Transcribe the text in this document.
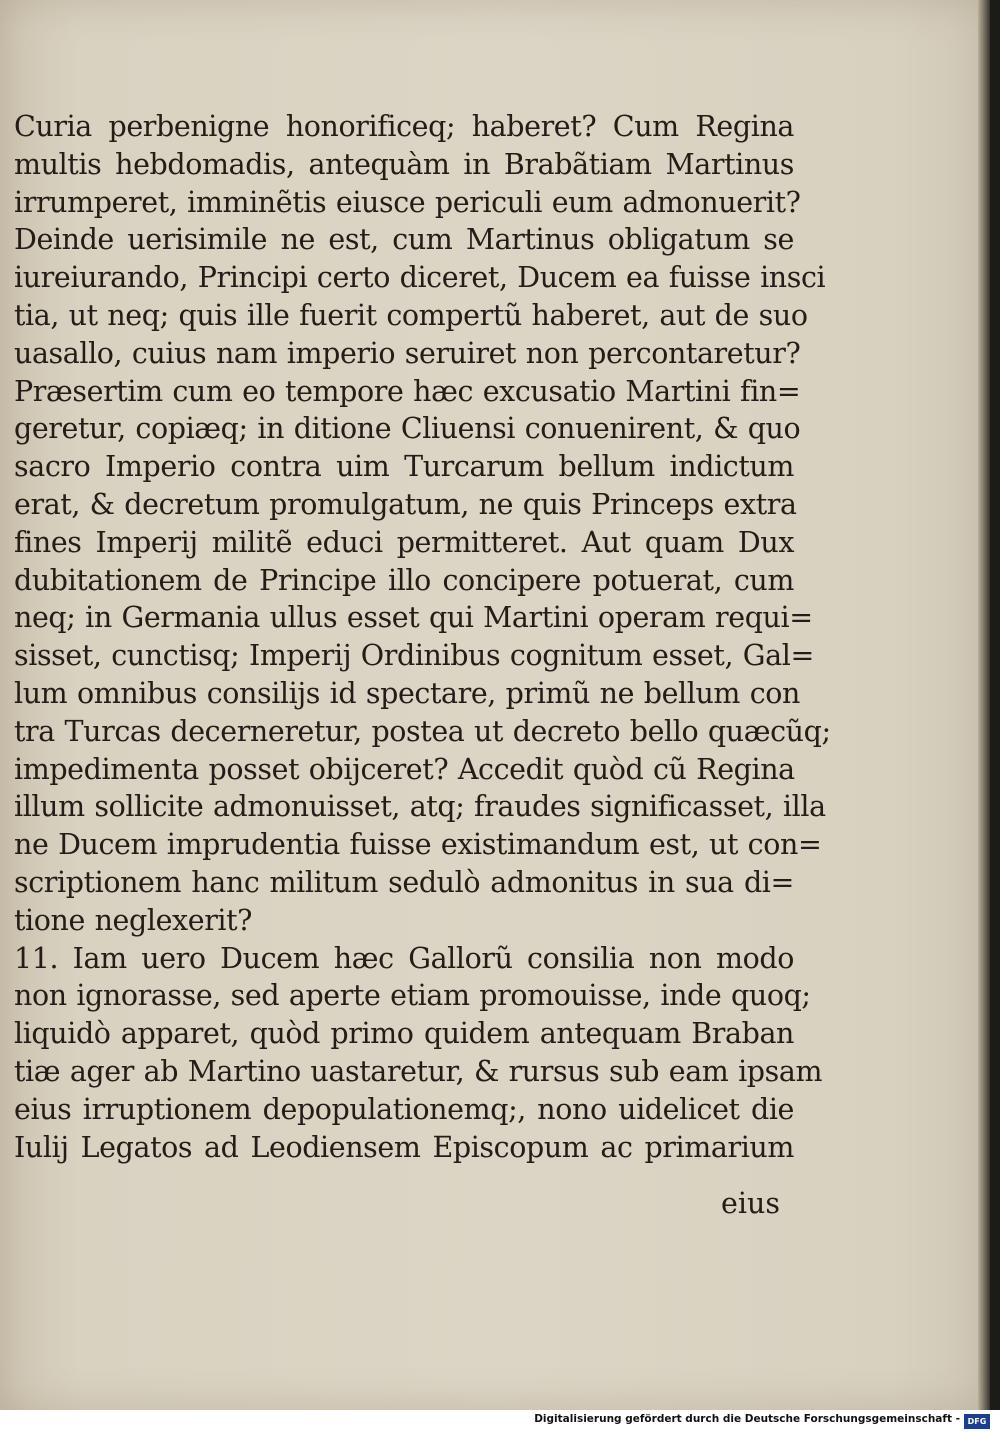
Curia perbenigne honorificeq; haberet? Cum Regina
multis hebdomadis, antequàm in Brabãtiam Martinus
irrumperet, imminẽtis eiusce periculi eum admonuerit?
Deinde uerisimile ne est, cum Martinus obligatum se
iureiurando, Principi certo diceret, Ducem ea fuisse insci
tia, ut neq; quis ille fuerit compertũ haberet, aut de suo
uasallo, cuius nam imperio seruiret non percontaretur?
Præsertim cum eo tempore hæc excusatio Martini fin=
geretur, copiæq; in ditione Cliuensi conuenirent, & quo
sacro Imperio contra uim Turcarum bellum indictum
erat, & decretum promulgatum, ne quis Princeps extra
fines Imperij militẽ educi permitteret. Aut quam Dux
dubitationem de Principe illo concipere potuerat, cum
neq; in Germania ullus esset qui Martini operam requi=
sisset, cunctisq; Imperij Ordinibus cognitum esset, Gal=
lum omnibus consilijs id spectare, primũ ne bellum con
tra Turcas decerneretur, postea ut decreto bello quæcũq;
impedimenta posset obijceret? Accedit quòd cũ Regina
illum sollicite admonuisset, atq; fraudes significasset, illa
ne Ducem imprudentia fuisse existimandum est, ut con=
scriptionem hanc militum sedulò admonitus in sua di=
tione neglexerit?
11. Iam uero Ducem hæc Gallorũ consilia non modo
non ignorasse, sed aperte etiam promouisse, inde quoq;
liquidò apparet, quòd primo quidem antequam Braban
tiæ ager ab Martino uastaretur, & rursus sub eam ipsam
eius irruptionem depopulationemq;, nono uidelicet die
Iulij Legatos ad Leodiensem Episcopum ac primarium
eius
Digitalisierung gefördert durch die Deutsche Forschungsgemeinschaft - DFG
